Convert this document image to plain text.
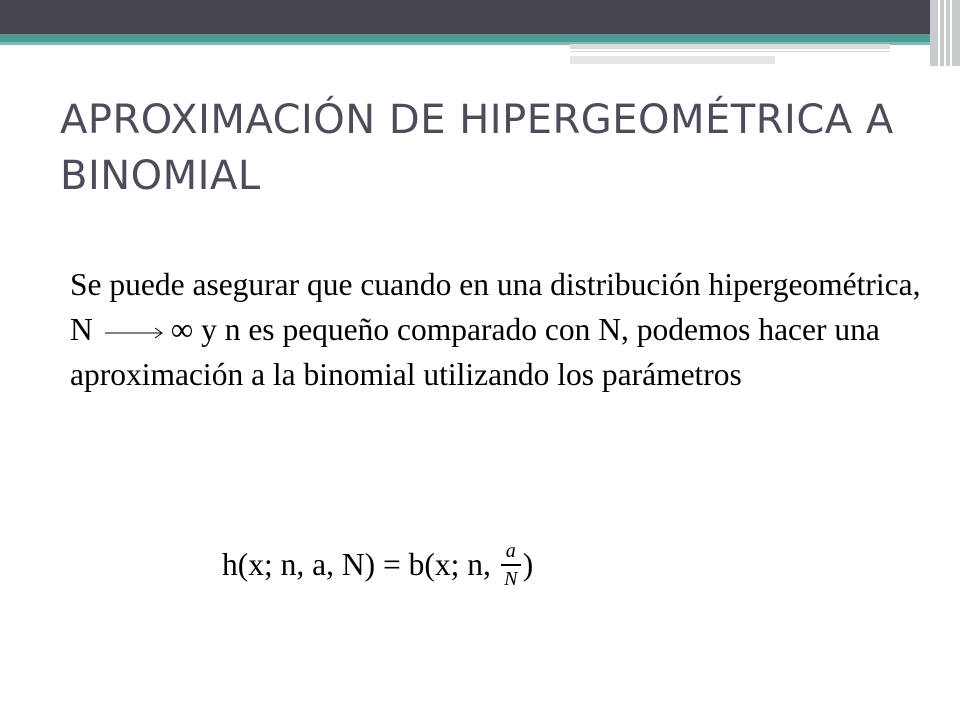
APROXIMACIÓN DE HIPERGEOMÉTRICA A BINOMIAL
Se puede asegurar que cuando en una distribución hipergeométrica, N ∞ y n es pequeño comparado con N, podemos hacer una aproximación a la binomial utilizando los parámetros
h(x; n, a, N) = b(x; n, $\frac{a}{N}$ )
